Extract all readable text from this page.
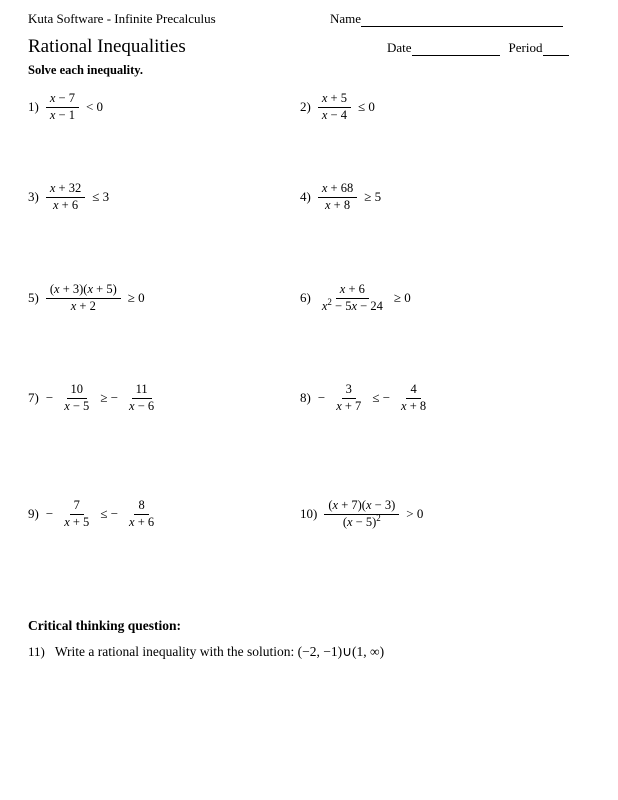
Kuta Software - Infinite Precalculus	Name
Rational Inequalities	Date	Period
Solve each inequality.
$1) \frac{x - 7}{x - 1} < 0$	$2) \frac{x + 5}{x - 4} \le 0$
$3) \frac{x + 32}{x + 6} \le 3$	$4) \frac{x + 68}{x + 8} \ge 5$
$5) \frac{(x + 3)(x + 5)}{x + 2} \ge 0$	$6) \frac{x + 6}{x^2 - 5x - 24} \ge 0$
$7) - \frac{10}{x - 5}$ ≥ − $\frac{11}{x - 6}$	$8) - \frac{3}{x + 7}$ ≤ − $\frac{4}{x + 8}$
$9) - \frac{7}{x + 5}$ ≤ − $\frac{8}{x + 6}$	$10) \frac{(x + 7)(x - 3)}{(x - 5)^2} > 0$
Critical thinking question:
11) Write a rational inequality with the solution: (−2, −1)∪(1, ∞)
